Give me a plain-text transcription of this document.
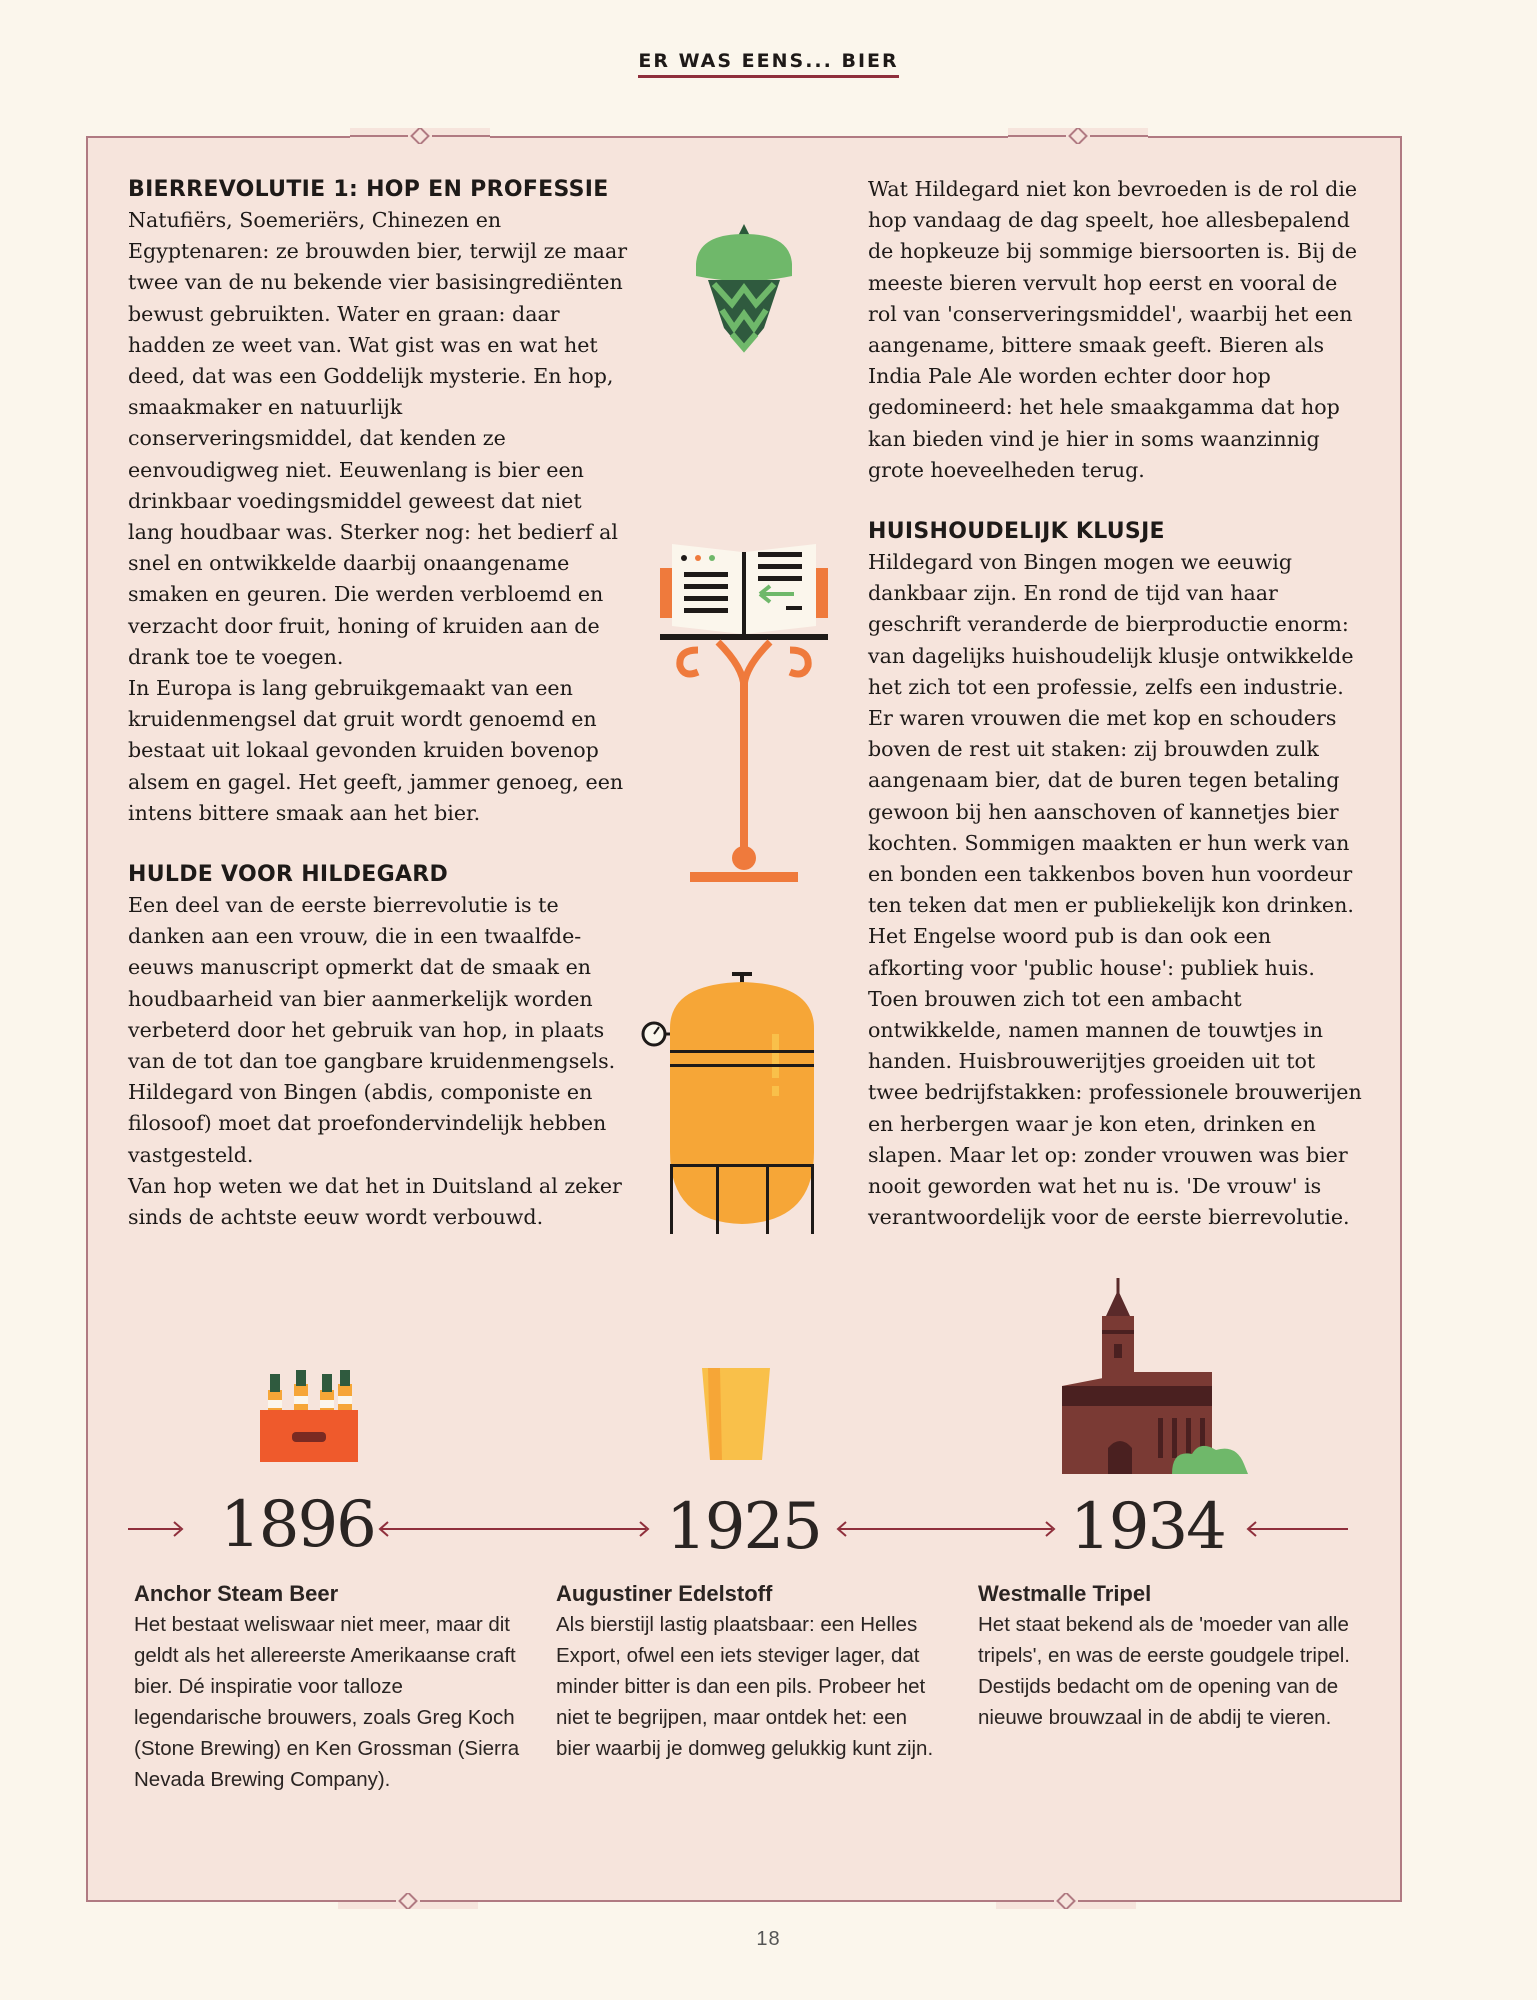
ER WAS EENS... BIER
BIERREVOLUTIE 1: HOP EN PROFESSIE

Natufiërs, Soemeriërs, Chinezen en Egyptenaren: ze brouwden bier, terwijl ze maar twee van de nu bekende vier basisingrediënten bewust gebruikten. Water en graan: daar hadden ze weet van. Wat gist was en wat het deed, dat was een Goddelijk mysterie. En hop, smaakmaker en natuurlijk conserveringsmiddel, dat kenden ze eenvoudigweg niet. Eeuwenlang is bier een drinkbaar voedingsmiddel geweest dat niet lang houdbaar was. Sterker nog: het bedierf al snel en ontwikkelde daarbij onaangename smaken en geuren. Die werden verbloemd en verzacht door fruit, honing of kruiden aan de drank toe te voegen.

In Europa is lang gebruikgemaakt van een kruidenmengsel dat gruit wordt genoemd en bestaat uit lokaal gevonden kruiden bovenop alsem en gagel. Het geeft, jammer genoeg, een intens bittere smaak aan het bier.

HULDE VOOR HILDEGARD

Een deel van de eerste bierrevolutie is te danken aan een vrouw, die in een twaalfde-eeuws manuscript opmerkt dat de smaak en houdbaarheid van bier aanmerkelijk worden verbeterd door het gebruik van hop, in plaats van de tot dan toe gangbare kruidenmengsels. Hildegard von Bingen (abdis, componiste en filosoof) moet dat proefondervindelijk hebben vastgesteld.

Van hop weten we dat het in Duitsland al zeker sinds de achtste eeuw wordt verbouwd.

Wat Hildegard niet kon bevroeden is de rol die hop vandaag de dag speelt, hoe allesbepalend de hopkeuze bij sommige biersoorten is. Bij de meeste bieren vervult hop eerst en vooral de rol van 'conserveringsmiddel', waarbij het een aangename, bittere smaak geeft. Bieren als India Pale Ale worden echter door hop gedomineerd: het hele smaakgamma dat hop kan bieden vind je hier in soms waanzinnig grote hoeveelheden terug.

HUISHOUDELIJK KLUSJE

Hildegard von Bingen mogen we eeuwig dankbaar zijn. En rond de tijd van haar geschrift veranderde de bierproductie enorm: van dagelijks huishoudelijk klusje ontwikkelde het zich tot een professie, zelfs een industrie. Er waren vrouwen die met kop en schouders boven de rest uit staken: zij brouwden zulk aangenaam bier, dat de buren tegen betaling gewoon bij hen aanschoven of kannetjes bier kochten. Sommigen maakten er hun werk van en bonden een takkenbos boven hun voordeur ten teken dat men er publiekelijk kon drinken. Het Engelse woord pub is dan ook een afkorting voor 'public house': publiek huis. Toen brouwen zich tot een ambacht ontwikkelde, namen mannen de touwtjes in handen. Huisbrouwerijtjes groeiden uit tot twee bedrijfstakken: professionele brouwerijen en herbergen waar je kon eten, drinken en slapen. Maar let op: zonder vrouwen was bier nooit geworden wat het nu is. 'De vrouw' is verantwoordelijk voor de eerste bierrevolutie.

1896	1925	1934
Anchor Steam Beer

Het bestaat weliswaar niet meer, maar dit geldt als het allereerste Amerikaanse craft bier. Dé inspiratie voor talloze legendarische brouwers, zoals Greg Koch (Stone Brewing) en Ken Grossman (Sierra Nevada Brewing Company).

Augustiner Edelstoff

Als bierstijl lastig plaatsbaar: een Helles Export, ofwel een iets steviger lager, dat minder bitter is dan een pils. Probeer het niet te begrijpen, maar ontdek het: een bier waarbij je domweg gelukkig kunt zijn.

Westmalle Tripel

Het staat bekend als de 'moeder van alle tripels', en was de eerste goudgele tripel. Destijds bedacht om de opening van de nieuwe brouwzaal in de abdij te vieren.

18
